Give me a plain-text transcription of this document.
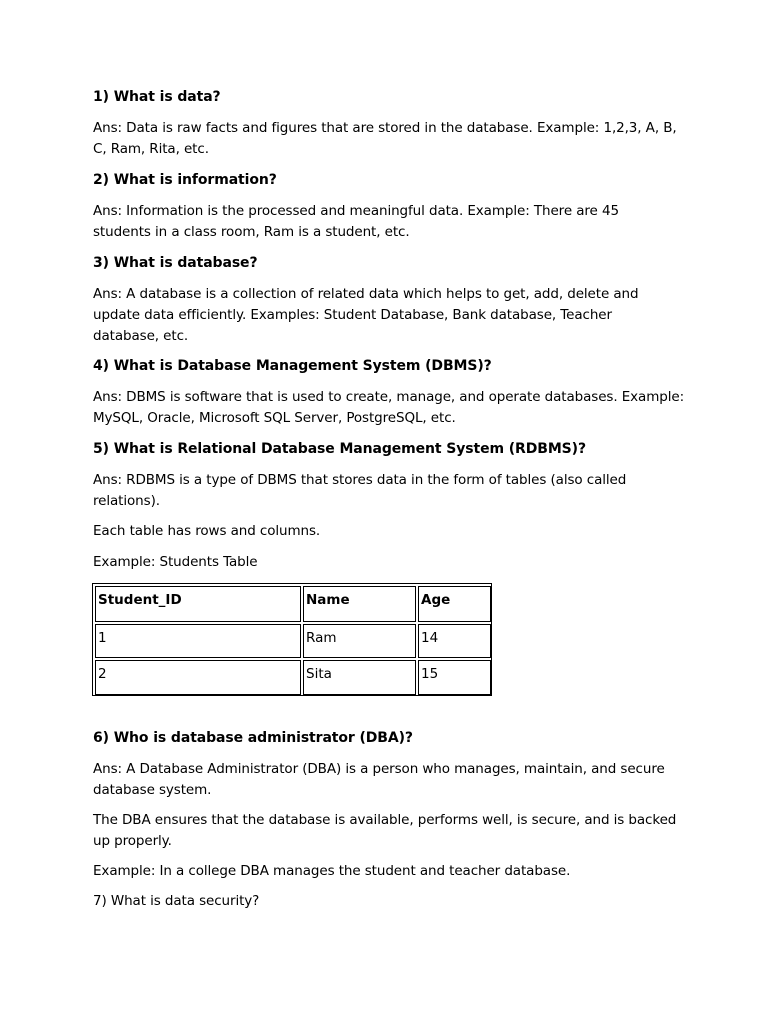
1) What is data?
Ans: Data is raw facts and figures that are stored in the database. Example: 1,2,3, A, B,
C, Ram, Rita, etc.
2) What is information?
Ans: Information is the processed and meaningful data. Example: There are 45
students in a class room, Ram is a student, etc.
3) What is database?
Ans: A database is a collection of related data which helps to get, add, delete and
update data efficiently. Examples: Student Database, Bank database, Teacher
database, etc.
4) What is Database Management System (DBMS)?
Ans: DBMS is software that is used to create, manage, and operate databases. Example:
MySQL, Oracle, Microsoft SQL Server, PostgreSQL, etc.
5) What is Relational Database Management System (RDBMS)?
Ans: RDBMS is a type of DBMS that stores data in the form of tables (also called
relations).
Each table has rows and columns.
Example: Students Table
Student_ID	Name	Age
1	Ram	14
2	Sita	15
6) Who is database administrator (DBA)?
Ans: A Database Administrator (DBA) is a person who manages, maintain, and secure
database system.
The DBA ensures that the database is available, performs well, is secure, and is backed
up properly.
Example: In a college DBA manages the student and teacher database.
7) What is data security?
